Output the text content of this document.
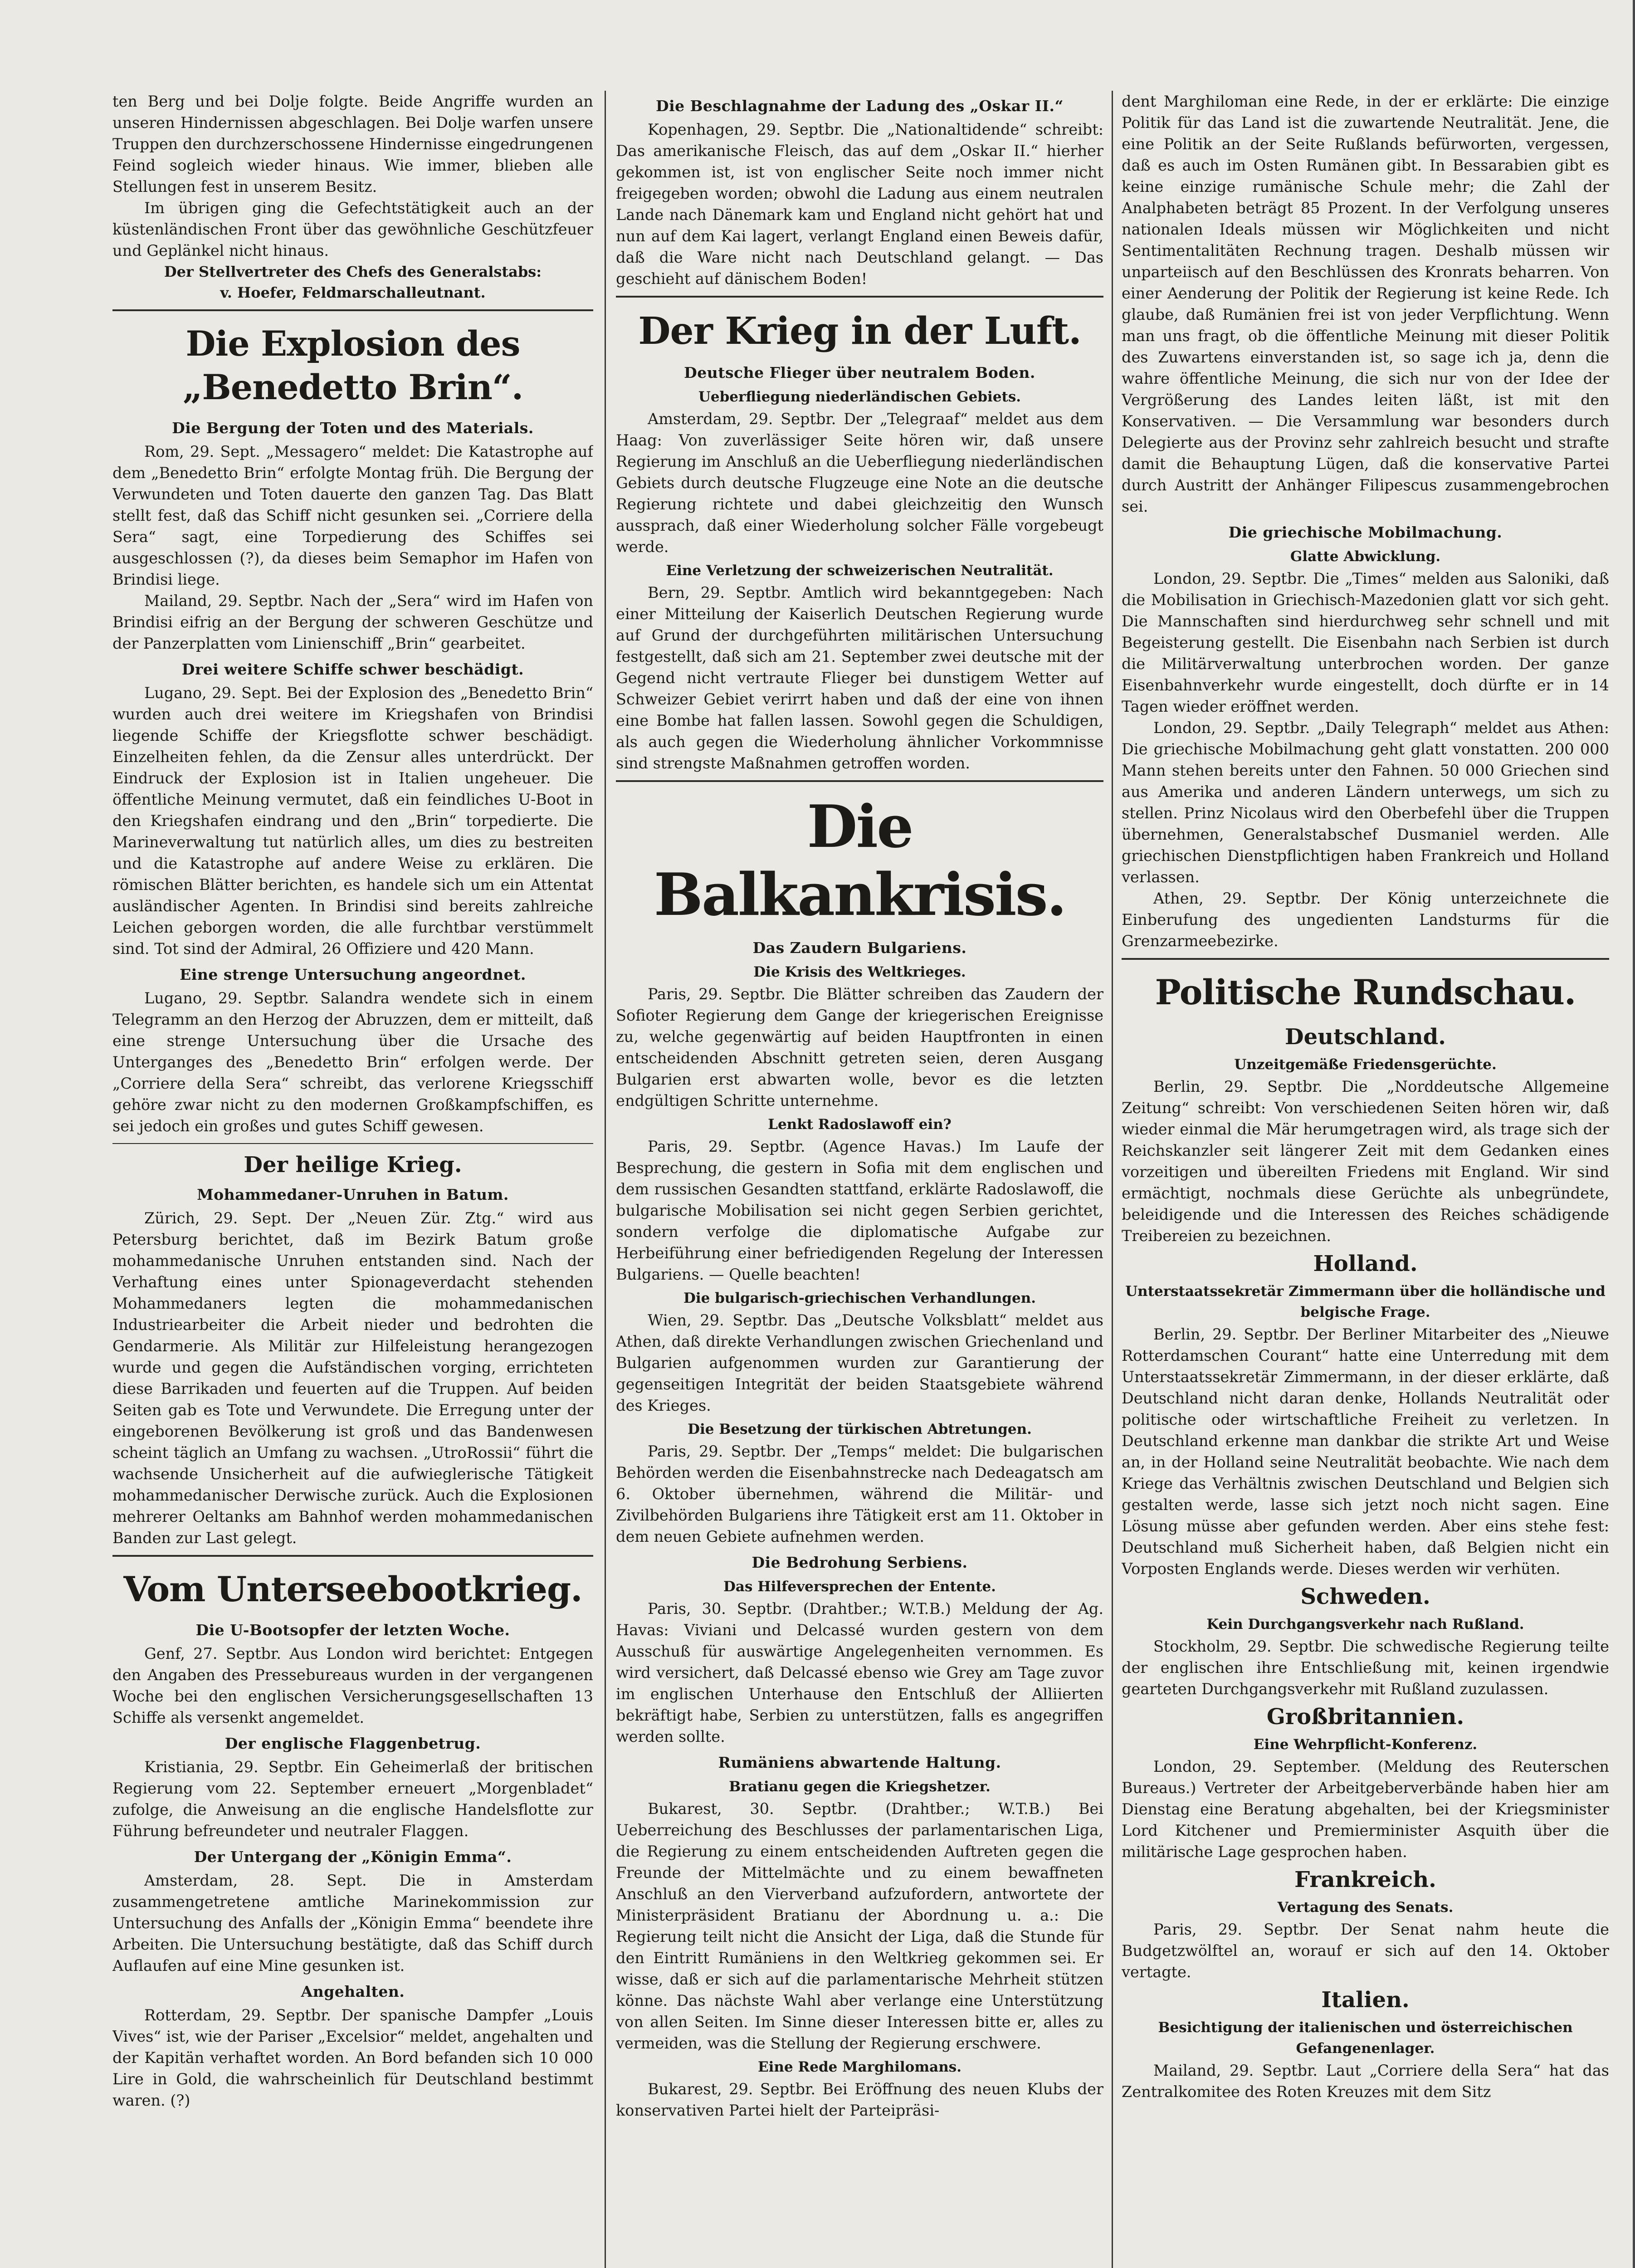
ten Berg und bei Dolje folgte. Beide Angriffe wurden an unseren Hindernissen abgeschlagen. Bei Dolje warfen unsere Truppen den durchzerschossene Hindernisse eingedrungenen Feind sogleich wieder hinaus. Wie immer, blieben alle Stellungen fest in unserem Besitz.

Im übrigen ging die Gefechtstätigkeit auch an der küstenländischen Front über das gewöhnliche Geschützfeuer und Geplänkel nicht hinaus.

Der Stellvertreter des Chefs des Generalstabs:

v. Hoefer, Feldmarschalleutnant.

Die Explosion des „Benedetto Brin“.
Die Bergung der Toten und des Materials.

Rom, 29. Sept. „Messagero“ meldet: Die Katastrophe auf dem „Benedetto Brin“ erfolgte Montag früh. Die Bergung der Verwundeten und Toten dauerte den ganzen Tag. Das Blatt stellt fest, daß das Schiff nicht gesunken sei. „Corriere della Sera“ sagt, eine Torpedierung des Schiffes sei ausgeschlossen (?), da dieses beim Semaphor im Hafen von Brindisi liege.

Mailand, 29. Septbr. Nach der „Sera“ wird im Hafen von Brindisi eifrig an der Bergung der schweren Geschütze und der Panzerplatten vom Linienschiff „Brin“ gearbeitet.

Drei weitere Schiffe schwer beschädigt.

Lugano, 29. Sept. Bei der Explosion des „Benedetto Brin“ wurden auch drei weitere im Kriegshafen von Brindisi liegende Schiffe der Kriegsflotte schwer beschädigt. Einzelheiten fehlen, da die Zensur alles unterdrückt. Der Eindruck der Explosion ist in Italien ungeheuer. Die öffentliche Meinung vermutet, daß ein feindliches U-Boot in den Kriegshafen eindrang und den „Brin“ torpedierte. Die Marineverwaltung tut natürlich alles, um dies zu bestreiten und die Katastrophe auf andere Weise zu erklären. Die römischen Blätter berichten, es handele sich um ein Attentat ausländischer Agenten. In Brindisi sind bereits zahlreiche Leichen geborgen worden, die alle furchtbar verstümmelt sind. Tot sind der Admiral, 26 Offiziere und 420 Mann.

Eine strenge Untersuchung angeordnet.

Lugano, 29. Septbr. Salandra wendete sich in einem Telegramm an den Herzog der Abruzzen, dem er mitteilt, daß eine strenge Untersuchung über die Ursache des Unterganges des „Benedetto Brin“ erfolgen werde. Der „Corriere della Sera“ schreibt, das verlorene Kriegsschiff gehöre zwar nicht zu den modernen Großkampfschiffen, es sei jedoch ein großes und gutes Schiff gewesen.

Der heilige Krieg.
Mohammedaner-Unruhen in Batum.

Zürich, 29. Sept. Der „Neuen Zür. Ztg.“ wird aus Petersburg berichtet, daß im Bezirk Batum große mohammedanische Unruhen entstanden sind. Nach der Verhaftung eines unter Spionageverdacht stehenden Mohammedaners legten die mohammedanischen Industriearbeiter die Arbeit nieder und bedrohten die Gendarmerie. Als Militär zur Hilfeleistung herangezogen wurde und gegen die Aufständischen vorging, errichteten diese Barrikaden und feuerten auf die Truppen. Auf beiden Seiten gab es Tote und Verwundete. Die Erregung unter der eingeborenen Bevölkerung ist groß und das Bandenwesen scheint täglich an Umfang zu wachsen. „UtroRossii“ führt die wachsende Unsicherheit auf die aufwieglerische Tätigkeit mohammedanischer Derwische zurück. Auch die Explosionen mehrerer Oeltanks am Bahnhof werden mohammedanischen Banden zur Last gelegt.

Vom Unterseebootkrieg.
Die U-Bootsopfer der letzten Woche.

Genf, 27. Septbr. Aus London wird berichtet: Entgegen den Angaben des Pressebureaus wurden in der vergangenen Woche bei den englischen Versicherungsgesellschaften 13 Schiffe als versenkt angemeldet.

Der englische Flaggenbetrug.

Kristiania, 29. Septbr. Ein Geheimerlaß der britischen Regierung vom 22. September erneuert „Morgenbladet“ zufolge, die Anweisung an die englische Handelsflotte zur Führung befreundeter und neutraler Flaggen.

Der Untergang der „Königin Emma“.

Amsterdam, 28. Sept. Die in Amsterdam zusammengetretene amtliche Marinekommission zur Untersuchung des Anfalls der „Königin Emma“ beendete ihre Arbeiten. Die Untersuchung bestätigte, daß das Schiff durch Auflaufen auf eine Mine gesunken ist.

Angehalten.

Rotterdam, 29. Septbr. Der spanische Dampfer „Louis Vives“ ist, wie der Pariser „Excelsior“ meldet, angehalten und der Kapitän verhaftet worden. An Bord befanden sich 10 000 Lire in Gold, die wahrscheinlich für Deutschland bestimmt waren. (?)

Die Beschlagnahme der Ladung des „Oskar II.“

Kopenhagen, 29. Septbr. Die „Nationaltidende“ schreibt: Das amerikanische Fleisch, das auf dem „Oskar II.“ hierher gekommen ist, ist von englischer Seite noch immer nicht freigegeben worden; obwohl die Ladung aus einem neutralen Lande nach Dänemark kam und England nicht gehört hat und nun auf dem Kai lagert, verlangt England einen Beweis dafür, daß die Ware nicht nach Deutschland gelangt. — Das geschieht auf dänischem Boden!

Der Krieg in der Luft.
Deutsche Flieger über neutralem Boden.
Ueberfliegung niederländischen Gebiets.

Amsterdam, 29. Septbr. Der „Telegraaf“ meldet aus dem Haag: Von zuverlässiger Seite hören wir, daß unsere Regierung im Anschluß an die Ueberfliegung niederländischen Gebiets durch deutsche Flugzeuge eine Note an die deutsche Regierung richtete und dabei gleichzeitig den Wunsch aussprach, daß einer Wiederholung solcher Fälle vorgebeugt werde.

Eine Verletzung der schweizerischen Neutralität.

Bern, 29. Septbr. Amtlich wird bekanntgegeben: Nach einer Mitteilung der Kaiserlich Deutschen Regierung wurde auf Grund der durchgeführten militärischen Untersuchung festgestellt, daß sich am 21. September zwei deutsche mit der Gegend nicht vertraute Flieger bei dunstigem Wetter auf Schweizer Gebiet verirrt haben und daß der eine von ihnen eine Bombe hat fallen lassen. Sowohl gegen die Schuldigen, als auch gegen die Wiederholung ähnlicher Vorkommnisse sind strengste Maßnahmen getroffen worden.

Die Balkankrisis.
Das Zaudern Bulgariens.
Die Krisis des Weltkrieges.

Paris, 29. Septbr. Die Blätter schreiben das Zaudern der Sofioter Regierung dem Gange der kriegerischen Ereignisse zu, welche gegenwärtig auf beiden Hauptfronten in einen entscheidenden Abschnitt getreten seien, deren Ausgang Bulgarien erst abwarten wolle, bevor es die letzten endgültigen Schritte unternehme.

Lenkt Radoslawoff ein?

Paris, 29. Septbr. (Agence Havas.) Im Laufe der Besprechung, die gestern in Sofia mit dem englischen und dem russischen Gesandten stattfand, erklärte Radoslawoff, die bulgarische Mobilisation sei nicht gegen Serbien gerichtet, sondern verfolge die diplomatische Aufgabe zur Herbeiführung einer befriedigenden Regelung der Interessen Bulgariens. — Quelle beachten!

Die bulgarisch-griechischen Verhandlungen.

Wien, 29. Septbr. Das „Deutsche Volksblatt“ meldet aus Athen, daß direkte Verhandlungen zwischen Griechenland und Bulgarien aufgenommen wurden zur Garantierung der gegenseitigen Integrität der beiden Staatsgebiete während des Krieges.

Die Besetzung der türkischen Abtretungen.

Paris, 29. Septbr. Der „Temps“ meldet: Die bulgarischen Behörden werden die Eisenbahnstrecke nach Dedeagatsch am 6. Oktober übernehmen, während die Militär- und Zivilbehörden Bulgariens ihre Tätigkeit erst am 11. Oktober in dem neuen Gebiete aufnehmen werden.

Die Bedrohung Serbiens.
Das Hilfeversprechen der Entente.

Paris, 30. Septbr. (Drahtber.; W.T.B.) Meldung der Ag. Havas: Viviani und Delcassé wurden gestern von dem Ausschuß für auswärtige Angelegenheiten vernommen. Es wird versichert, daß Delcassé ebenso wie Grey am Tage zuvor im englischen Unterhause den Entschluß der Alliierten bekräftigt habe, Serbien zu unterstützen, falls es angegriffen werden sollte.

Rumäniens abwartende Haltung.
Bratianu gegen die Kriegshetzer.

Bukarest, 30. Septbr. (Drahtber.; W.T.B.) Bei Ueberreichung des Beschlusses der parlamentarischen Liga, die Regierung zu einem entscheidenden Auftreten gegen die Freunde der Mittelmächte und zu einem bewaffneten Anschluß an den Vierverband aufzufordern, antwortete der Ministerpräsident Bratianu der Abordnung u. a.: Die Regierung teilt nicht die Ansicht der Liga, daß die Stunde für den Eintritt Rumäniens in den Weltkrieg gekommen sei. Er wisse, daß er sich auf die parlamentarische Mehrheit stützen könne. Das nächste Wahl aber verlange eine Unterstützung von allen Seiten. Im Sinne dieser Interessen bitte er, alles zu vermeiden, was die Stellung der Regierung erschwere.

Eine Rede Marghilomans.

Bukarest, 29. Septbr. Bei Eröffnung des neuen Klubs der konservativen Partei hielt der Parteipräsi-

dent Marghiloman eine Rede, in der er erklärte: Die einzige Politik für das Land ist die zuwartende Neutralität. Jene, die eine Politik an der Seite Rußlands befürworten, vergessen, daß es auch im Osten Rumänen gibt. In Bessarabien gibt es keine einzige rumänische Schule mehr; die Zahl der Analphabeten beträgt 85 Prozent. In der Verfolgung unseres nationalen Ideals müssen wir Möglichkeiten und nicht Sentimentalitäten Rechnung tragen. Deshalb müssen wir unparteiisch auf den Beschlüssen des Kronrats beharren. Von einer Aenderung der Politik der Regierung ist keine Rede. Ich glaube, daß Rumänien frei ist von jeder Verpflichtung. Wenn man uns fragt, ob die öffentliche Meinung mit dieser Politik des Zuwartens einverstanden ist, so sage ich ja, denn die wahre öffentliche Meinung, die sich nur von der Idee der Vergrößerung des Landes leiten läßt, ist mit den Konservativen. — Die Versammlung war besonders durch Delegierte aus der Provinz sehr zahlreich besucht und strafte damit die Behauptung Lügen, daß die konservative Partei durch Austritt der Anhänger Filipescus zusammengebrochen sei.

Die griechische Mobilmachung.
Glatte Abwicklung.

London, 29. Septbr. Die „Times“ melden aus Saloniki, daß die Mobilisation in Griechisch-Mazedonien glatt vor sich geht. Die Mannschaften sind hierdurchweg sehr schnell und mit Begeisterung gestellt. Die Eisenbahn nach Serbien ist durch die Militärverwaltung unterbrochen worden. Der ganze Eisenbahnverkehr wurde eingestellt, doch dürfte er in 14 Tagen wieder eröffnet werden.

London, 29. Septbr. „Daily Telegraph“ meldet aus Athen: Die griechische Mobilmachung geht glatt vonstatten. 200 000 Mann stehen bereits unter den Fahnen. 50 000 Griechen sind aus Amerika und anderen Ländern unterwegs, um sich zu stellen. Prinz Nicolaus wird den Oberbefehl über die Truppen übernehmen, Generalstabschef Dusmaniel werden. Alle griechischen Dienstpflichtigen haben Frankreich und Holland verlassen.

Athen, 29. Septbr. Der König unterzeichnete die Einberufung des ungedienten Landsturms für die Grenzarmeebezirke.

Politische Rundschau.
Deutschland.
Unzeitgemäße Friedensgerüchte.

Berlin, 29. Septbr. Die „Norddeutsche Allgemeine Zeitung“ schreibt: Von verschiedenen Seiten hören wir, daß wieder einmal die Mär herumgetragen wird, als trage sich der Reichskanzler seit längerer Zeit mit dem Gedanken eines vorzeitigen und übereilten Friedens mit England. Wir sind ermächtigt, nochmals diese Gerüchte als unbegründete, beleidigende und die Interessen des Reiches schädigende Treibereien zu bezeichnen.

Holland.
Unterstaatssekretär Zimmermann über die holländische und belgische Frage.

Berlin, 29. Septbr. Der Berliner Mitarbeiter des „Nieuwe Rotterdamschen Courant“ hatte eine Unterredung mit dem Unterstaatssekretär Zimmermann, in der dieser erklärte, daß Deutschland nicht daran denke, Hollands Neutralität oder politische oder wirtschaftliche Freiheit zu verletzen. In Deutschland erkenne man dankbar die strikte Art und Weise an, in der Holland seine Neutralität beobachte. Wie nach dem Kriege das Verhältnis zwischen Deutschland und Belgien sich gestalten werde, lasse sich jetzt noch nicht sagen. Eine Lösung müsse aber gefunden werden. Aber eins stehe fest: Deutschland muß Sicherheit haben, daß Belgien nicht ein Vorposten Englands werde. Dieses werden wir verhüten.

Schweden.
Kein Durchgangsverkehr nach Rußland.

Stockholm, 29. Septbr. Die schwedische Regierung teilte der englischen ihre Entschließung mit, keinen irgendwie gearteten Durchgangsverkehr mit Rußland zuzulassen.

Großbritannien.
Eine Wehrpflicht-Konferenz.

London, 29. September. (Meldung des Reuterschen Bureaus.) Vertreter der Arbeitgeberverbände haben hier am Dienstag eine Beratung abgehalten, bei der Kriegsminister Lord Kitchener und Premierminister Asquith über die militärische Lage gesprochen haben.

Frankreich.
Vertagung des Senats.

Paris, 29. Septbr. Der Senat nahm heute die Budgetzwölftel an, worauf er sich auf den 14. Oktober vertagte.

Italien.
Besichtigung der italienischen und österreichischen Gefangenenlager.

Mailand, 29. Septbr. Laut „Corriere della Sera“ hat das Zentralkomitee des Roten Kreuzes mit dem Sitz
